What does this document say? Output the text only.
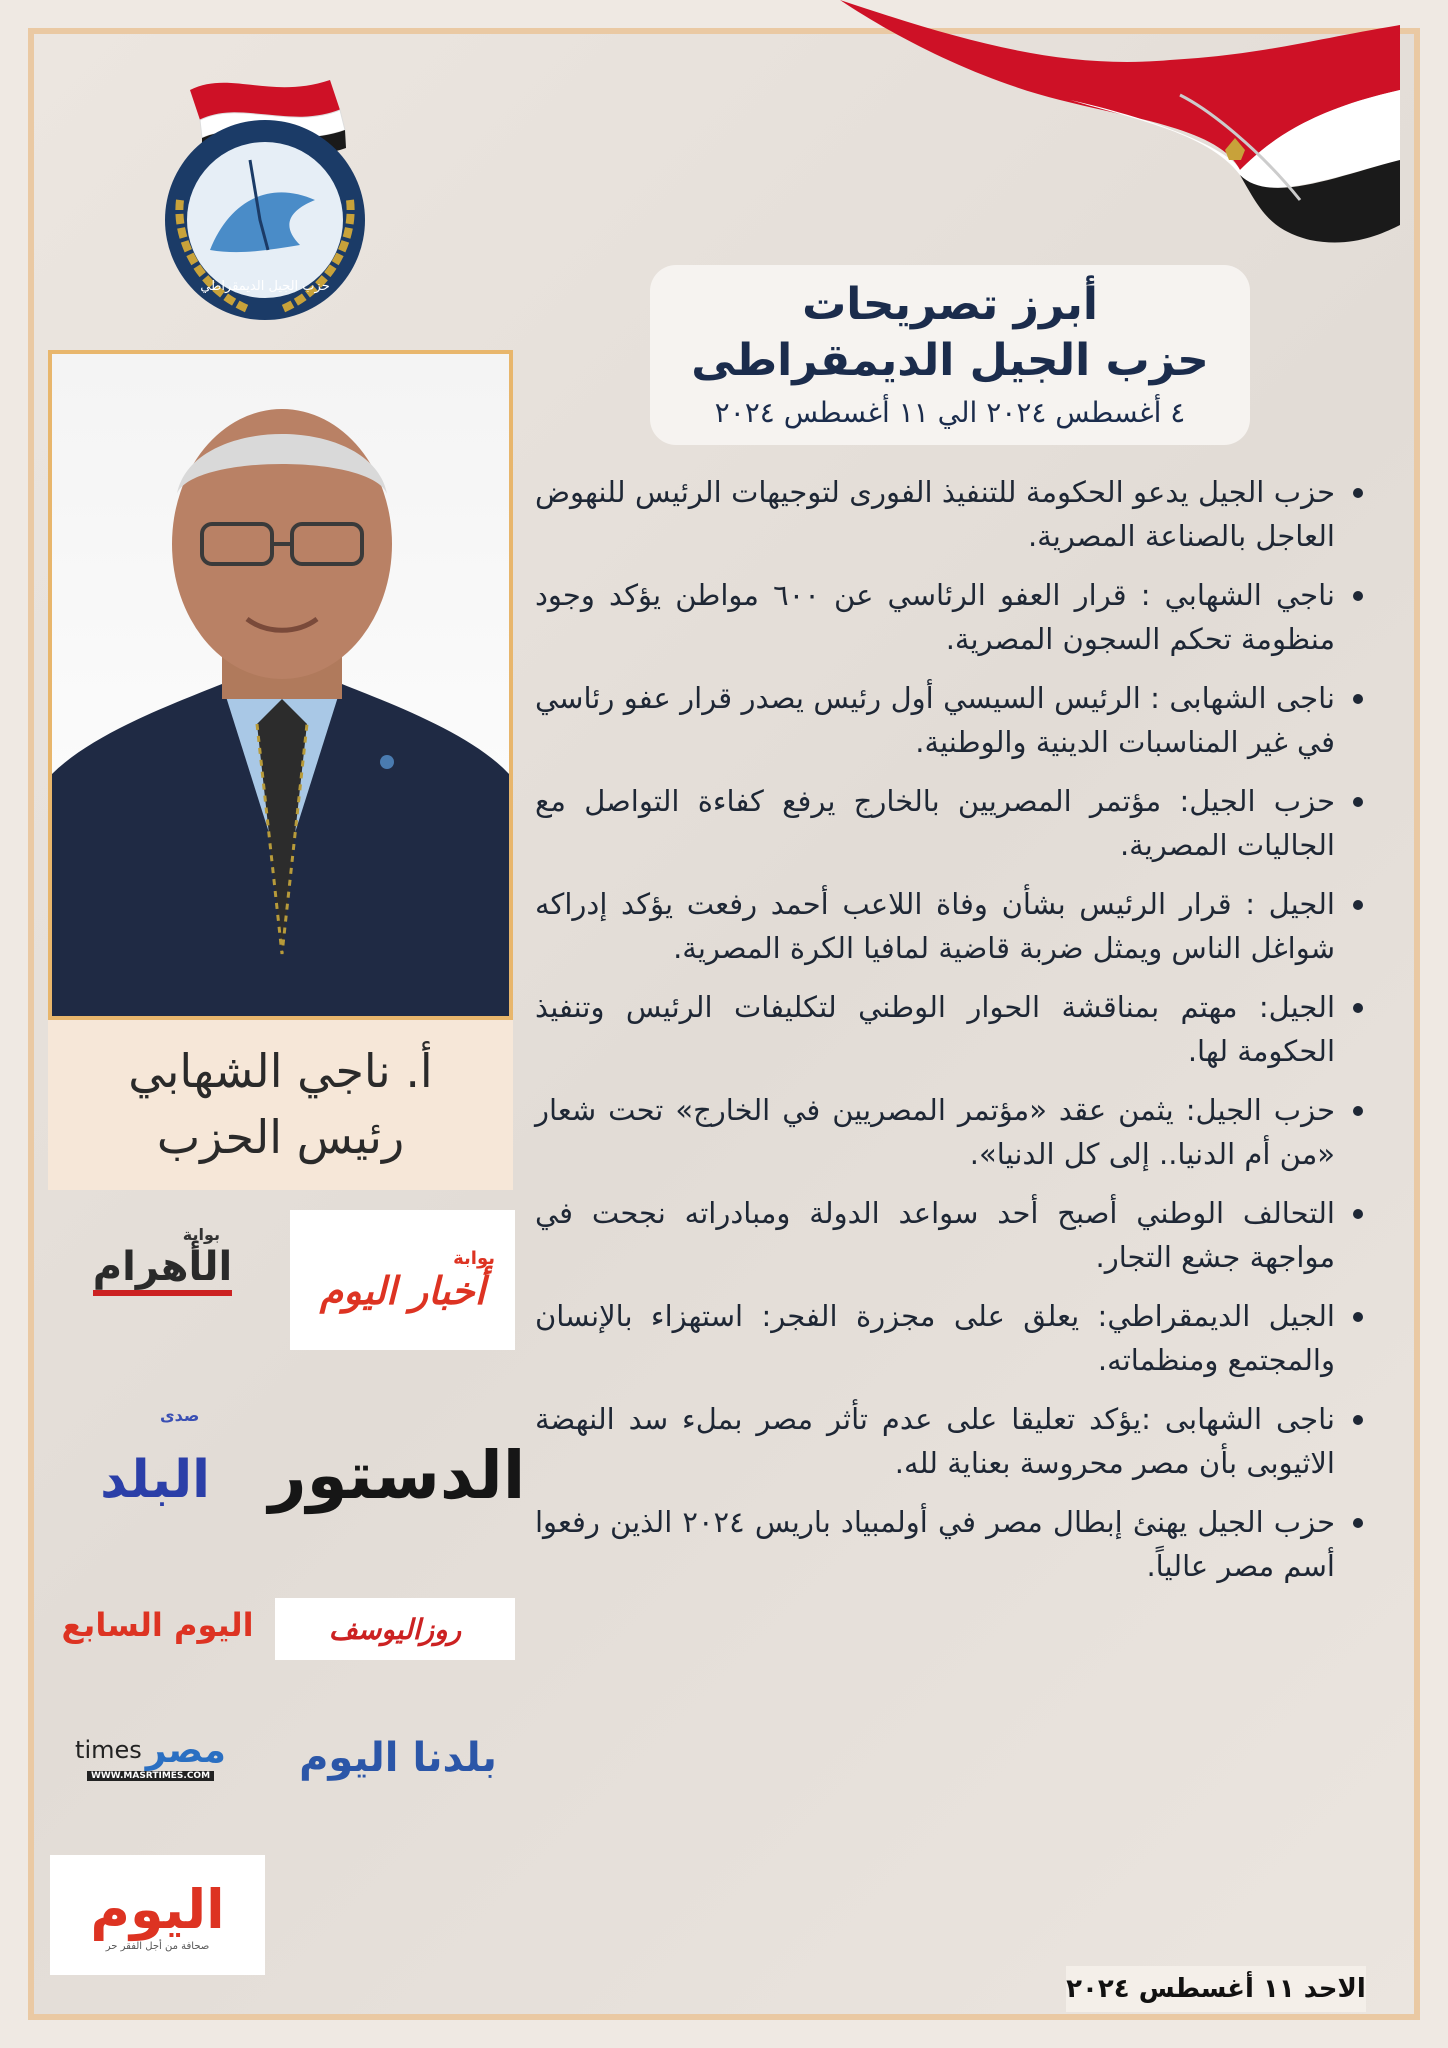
حزب الجيل الديمقراطي	أبرز تصريحات
حزب الجيل الديمقراطى
٤ أغسطس ٢٠٢٤ الي ١١ أغسطس ٢٠٢٤
أ. ناجي الشهابي
رئيس الحزب
حزب الجيل يدعو الحكومة للتنفيذ الفورى لتوجيهات الرئيس للنهوض العاجل بالصناعة المصرية.
ناجي الشهابي : قرار العفو الرئاسي عن ٦٠٠ مواطن يؤكد وجود منظومة تحكم السجون المصرية.
ناجى الشهابى : الرئيس السيسي أول رئيس يصدر قرار عفو رئاسي في غير المناسبات الدينية والوطنية.
حزب الجيل: مؤتمر المصريين بالخارج يرفع كفاءة التواصل مع الجاليات المصرية.
الجيل : قرار الرئيس بشأن وفاة اللاعب أحمد رفعت يؤكد إدراكه شواغل الناس ويمثل ضربة قاضية لمافيا الكرة المصرية.
الجيل: مهتم بمناقشة الحوار الوطني لتكليفات الرئيس وتنفيذ الحكومة لها.
حزب الجيل: يثمن عقد «مؤتمر المصريين في الخارج» تحت شعار «من أم الدنيا.. إلى كل الدنيا».
التحالف الوطني أصبح أحد سواعد الدولة ومبادراته نجحت في مواجهة جشع التجار.
الجيل الديمقراطي: يعلق على مجزرة الفجر: استهزاء بالإنسان والمجتمع ومنظماته.
ناجى الشهابى :يؤكد تعليقا على عدم تأثر مصر بملء سد النهضة الاثيوبى بأن مصر محروسة بعناية لله.
حزب الجيل يهنئ إبطال مصر في أولمبياد باريس ٢٠٢٤ الذين رفعوا أسم مصر عالياً.
بوابة
الأهرام	بوابة
أخبار اليوم
الدستور
صدى
البلد
اليوم السابع	روزاليوسف
times مصر
WWW.MASRTIMES.COM بلدنا اليوم
اليوم
صحافة من أجل الفقر حر
الاحد ١١ أغسطس ٢٠٢٤
